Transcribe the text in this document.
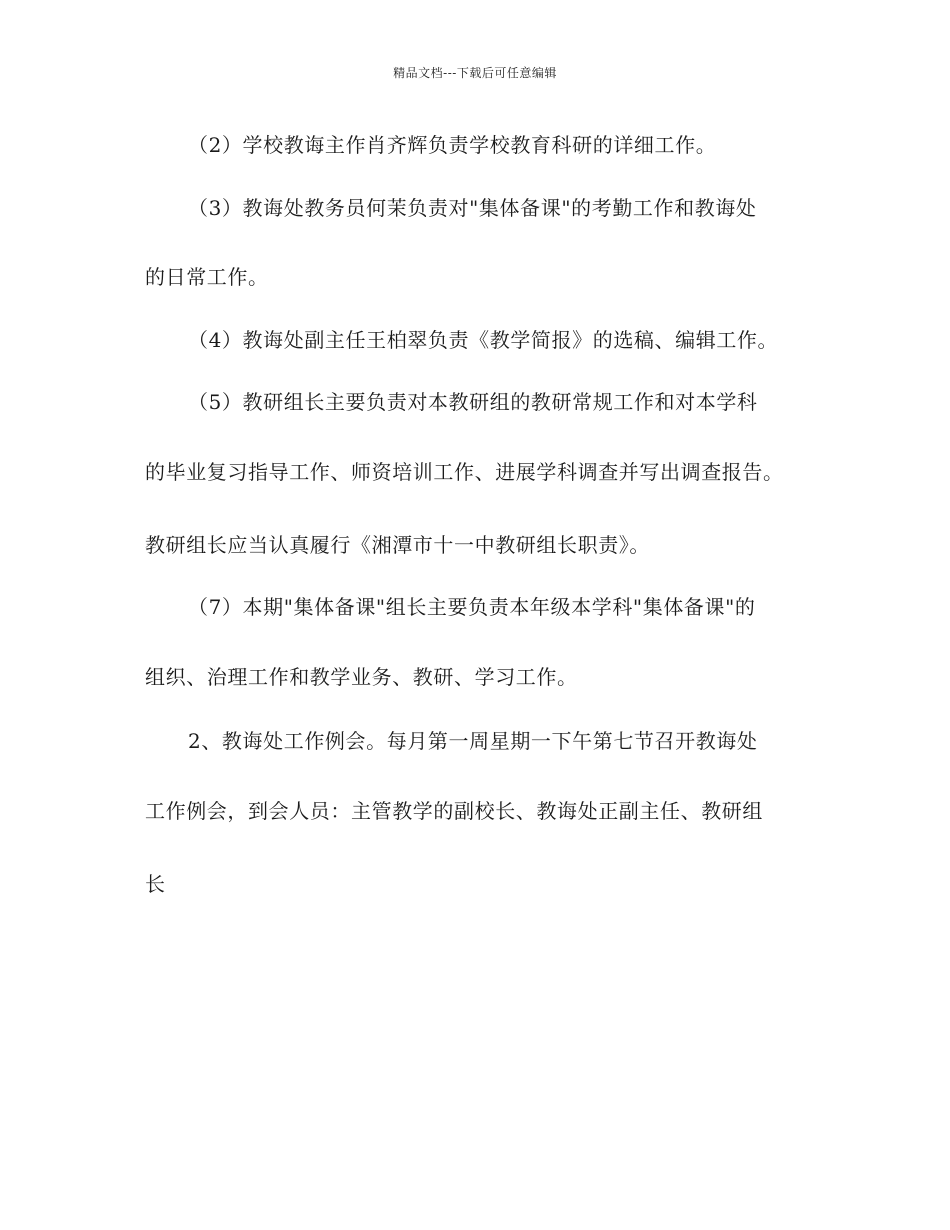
精品文档---下载后可任意编辑
（2）学校教诲主作肖齐辉负责学校教育科研的详细工作。
（3）教诲处教务员何茉负责对"集体备课"的考勤工作和教诲处
的日常工作。
（4）教诲处副主任王柏翠负责《教学简报》的选稿、编辑工作。
（5）教研组长主要负责对本教研组的教研常规工作和对本学科
的毕业复习指导工作、师资培训工作、进展学科调查并写出调查报告。
教研组长应当认真履行《湘潭市十一中教研组长职责》。
（7）本期"集体备课"组长主要负责本年级本学科"集体备课"的
组织、治理工作和教学业务、教研、学习工作。
2、教诲处工作例会。每月第一周星期一下午第七节召开教诲处
工作例会，到会人员：主管教学的副校长、教诲处正副主任、教研组
长
